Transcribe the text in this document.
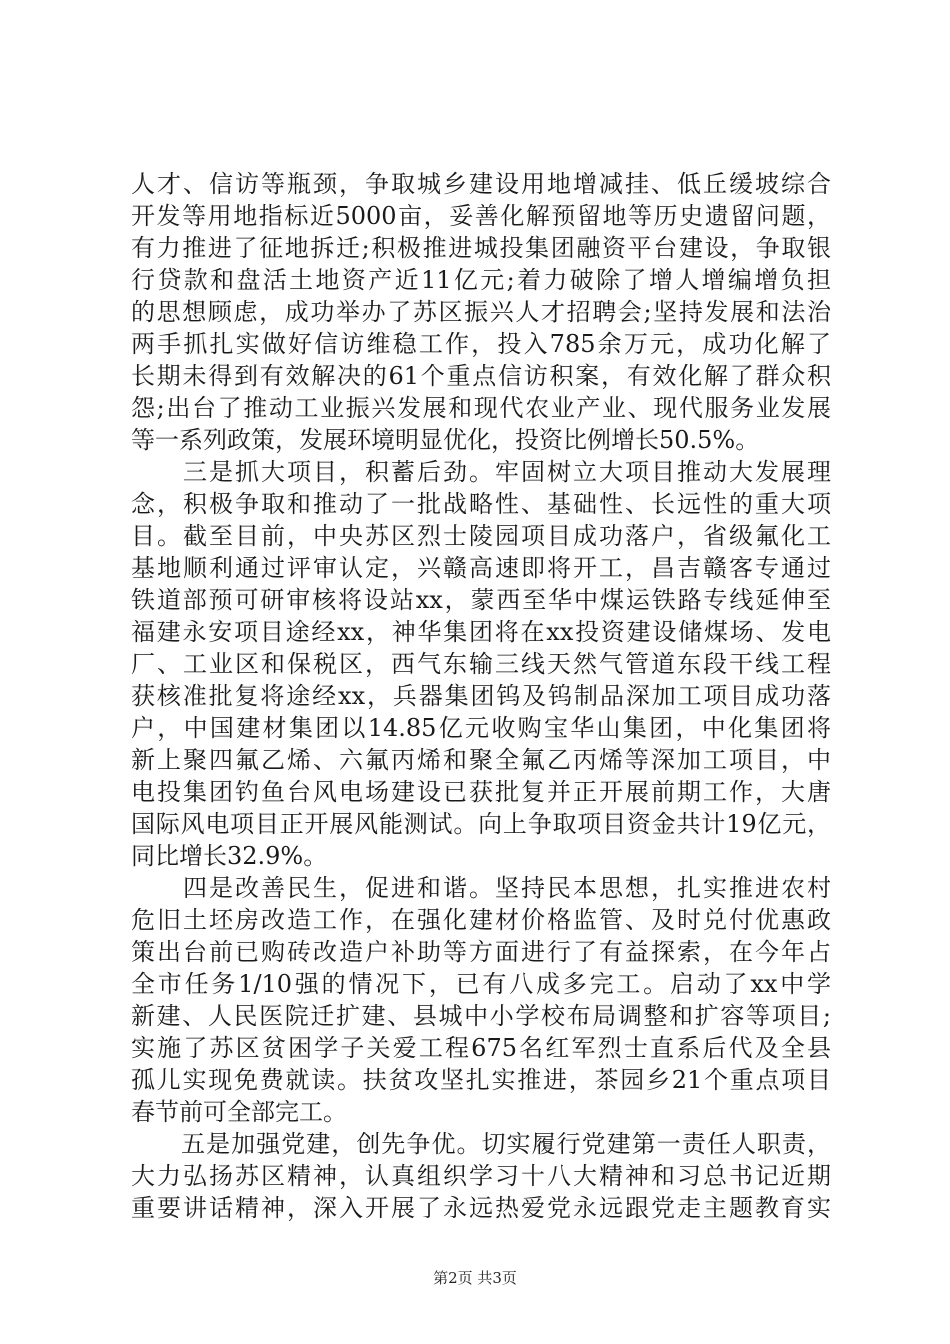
人才、信访等瓶颈，争取城乡建设用地增减挂、低丘缓坡综合
开发等用地指标近5000亩，妥善化解预留地等历史遗留问题，
有力推进了征地拆迁;积极推进城投集团融资平台建设，争取银
行贷款和盘活土地资产近11亿元;着力破除了增人增编增负担
的思想顾虑，成功举办了苏区振兴人才招聘会;坚持发展和法治
两手抓扎实做好信访维稳工作，投入785余万元，成功化解了
长期未得到有效解决的61个重点信访积案，有效化解了群众积
怨;出台了推动工业振兴发展和现代农业产业、现代服务业发展
等一系列政策，发展环境明显优化，投资比例增长50.5%。
　　三是抓大项目，积蓄后劲。牢固树立大项目推动大发展理
念，积极争取和推动了一批战略性、基础性、长远性的重大项
目。截至目前，中央苏区烈士陵园项目成功落户，省级氟化工
基地顺利通过评审认定，兴赣高速即将开工，昌吉赣客专通过
铁道部预可研审核将设站xx，蒙西至华中煤运铁路专线延伸至
福建永安项目途经xx，神华集团将在xx投资建设储煤场、发电
厂、工业区和保税区，西气东输三线天然气管道东段干线工程
获核准批复将途经xx，兵器集团钨及钨制品深加工项目成功落
户，中国建材集团以14.85亿元收购宝华山集团，中化集团将
新上聚四氟乙烯、六氟丙烯和聚全氟乙丙烯等深加工项目，中
电投集团钓鱼台风电场建设已获批复并正开展前期工作，大唐
国际风电项目正开展风能测试。向上争取项目资金共计19亿元，
同比增长32.9%。
　　四是改善民生，促进和谐。坚持民本思想，扎实推进农村
危旧土坯房改造工作，在强化建材价格监管、及时兑付优惠政
策出台前已购砖改造户补助等方面进行了有益探索，在今年占
全市任务1/10强的情况下，已有八成多完工。启动了xx中学
新建、人民医院迁扩建、县城中小学校布局调整和扩容等项目;
实施了苏区贫困学子关爱工程675名红军烈士直系后代及全县
孤儿实现免费就读。扶贫攻坚扎实推进，茶园乡21个重点项目
春节前可全部完工。
　　五是加强党建，创先争优。切实履行党建第一责任人职责，
大力弘扬苏区精神，认真组织学习十八大精神和习总书记近期
重要讲话精神，深入开展了永远热爱党永远跟党走主题教育实
第2页 共3页
